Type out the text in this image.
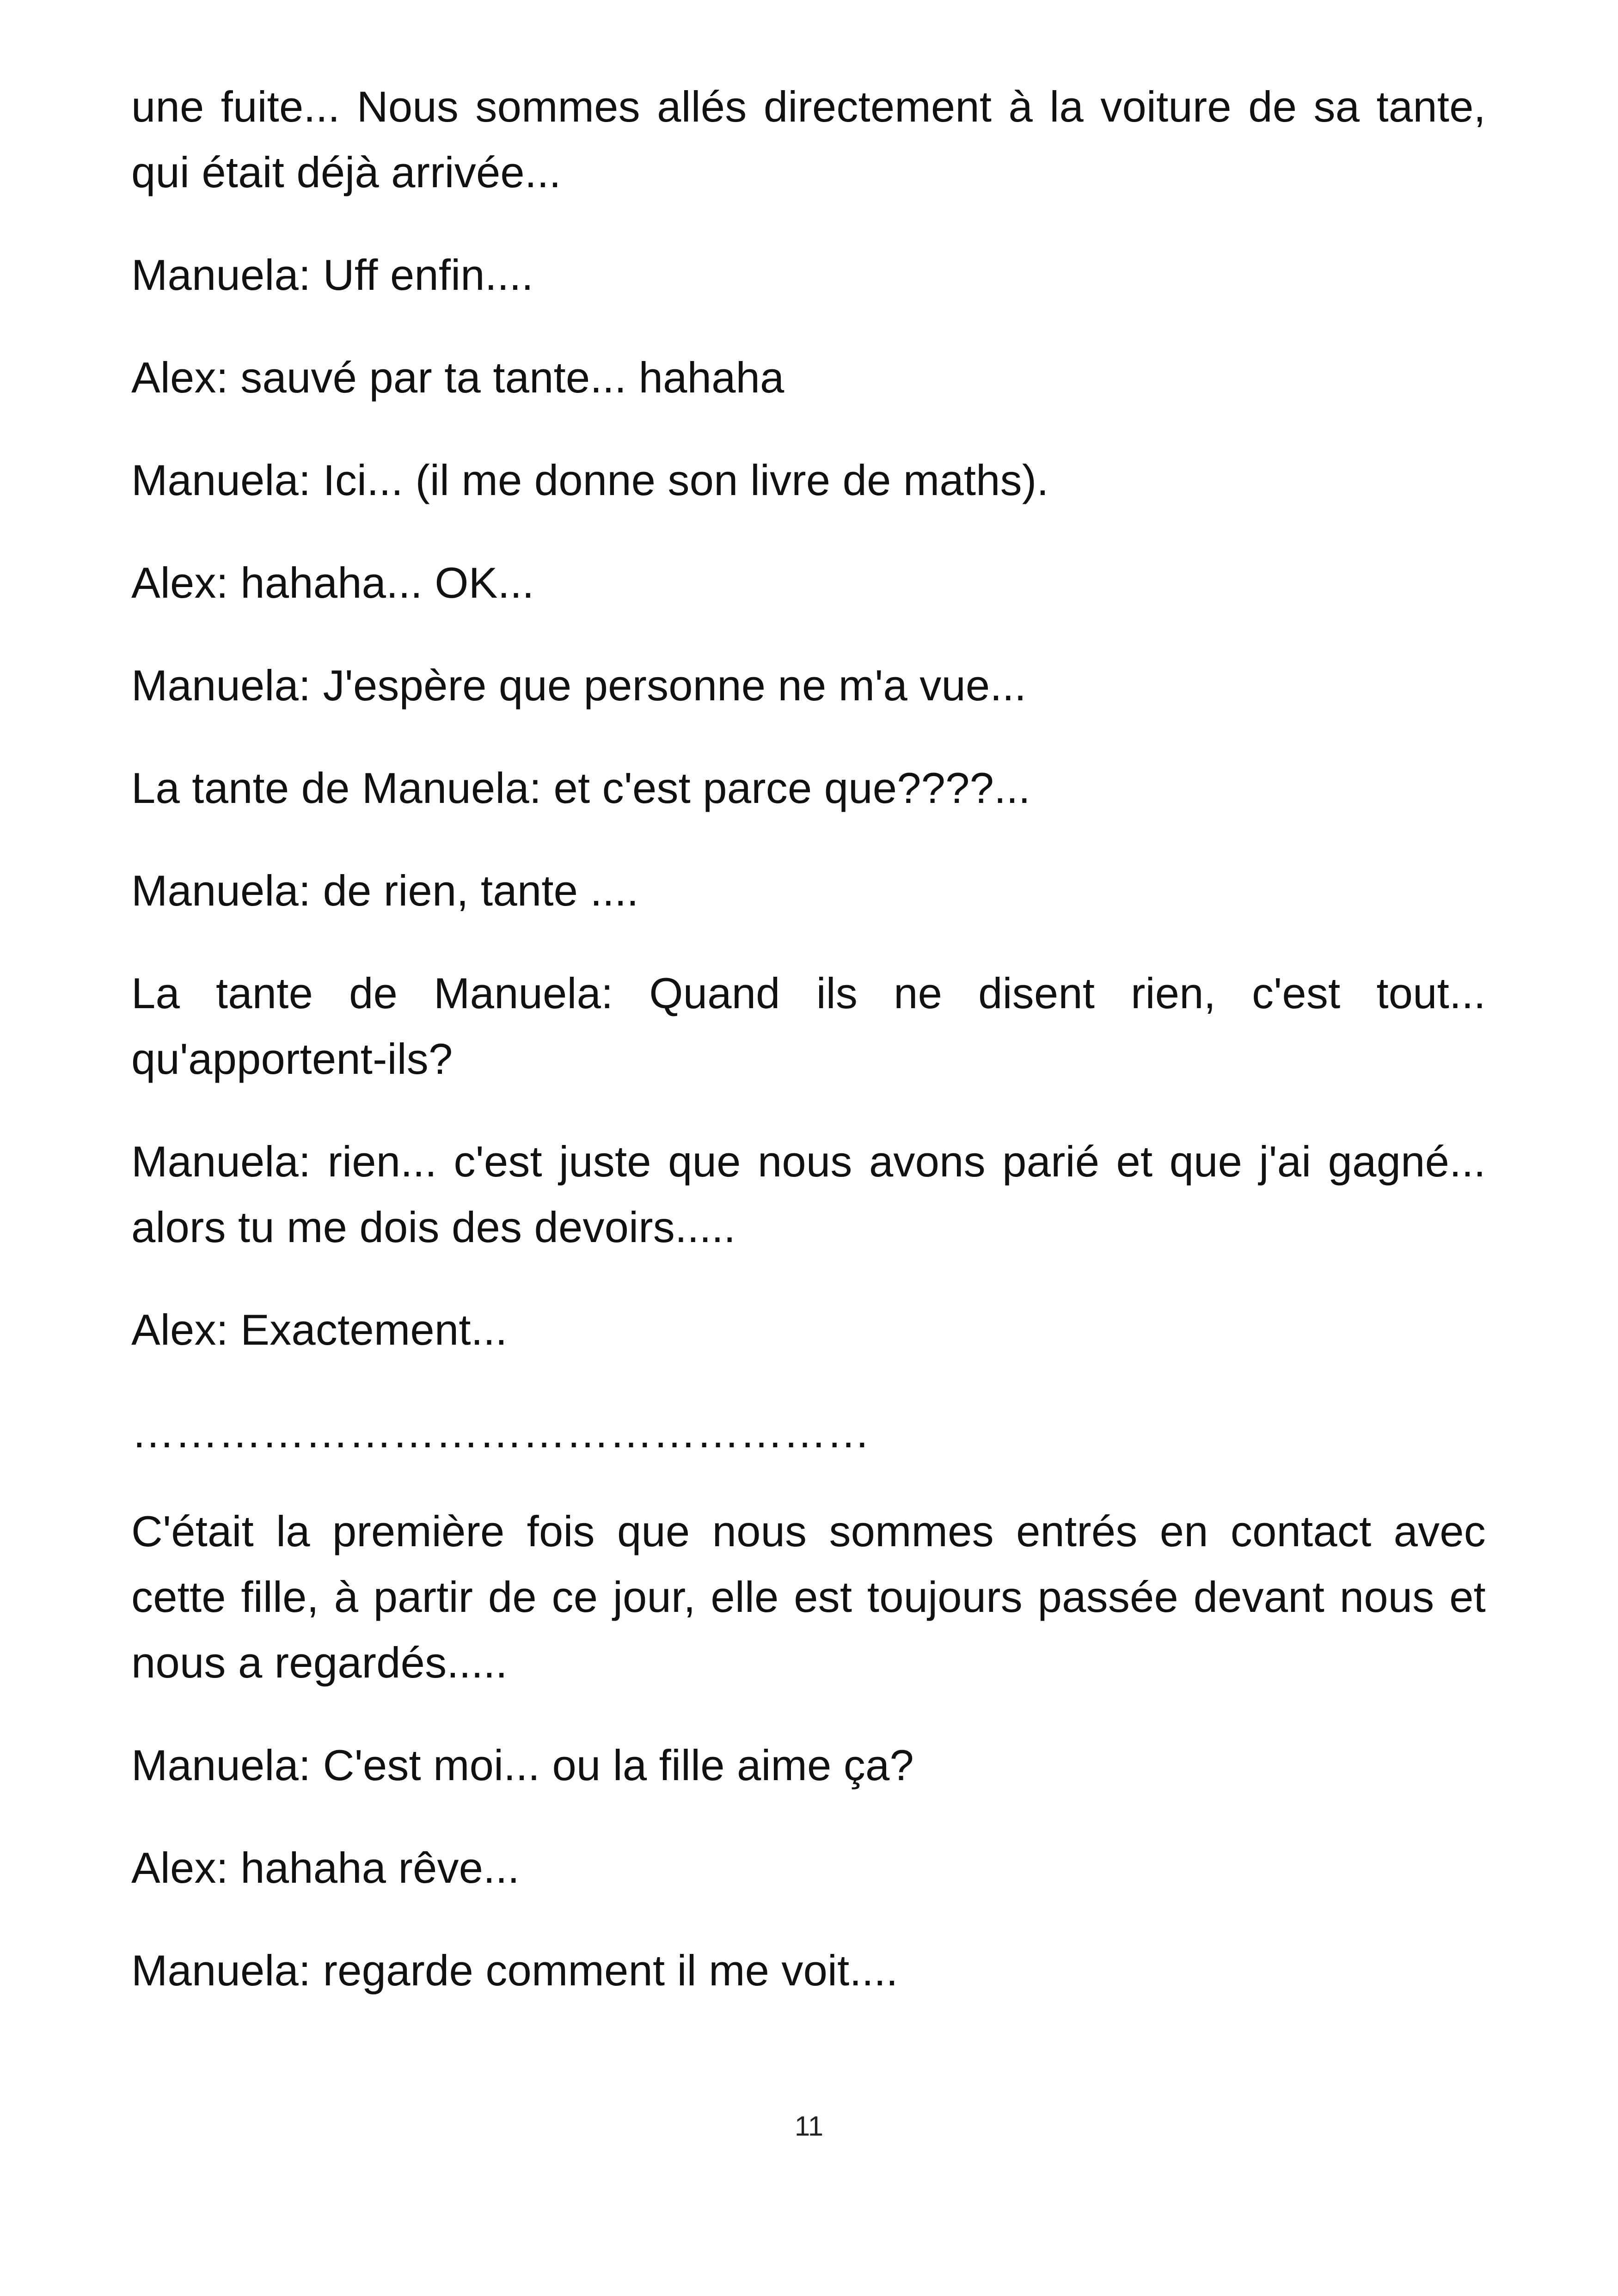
une fuite... Nous sommes allés directement à la voiture de sa tante, qui était déjà arrivée...

Manuela: Uff enfin....

Alex: sauvé par ta tante... hahaha

Manuela: Ici... (il me donne son livre de maths).

Alex: hahaha... OK...

Manuela: J'espère que personne ne m'a vue...

La tante de Manuela: et c'est parce que????...

Manuela: de rien, tante ....

La tante de Manuela: Quand ils ne disent rien, c'est tout... qu'apportent-ils?

Manuela: rien... c'est juste que nous avons parié et que j'ai gagné... alors tu me dois des devoirs.....

Alex: Exactement...

……………………………………………

C'était la première fois que nous sommes entrés en contact avec cette fille, à partir de ce jour, elle est toujours passée devant nous et nous a regardés.....

Manuela: C'est moi... ou la fille aime ça?

Alex: hahaha rêve...

Manuela: regarde comment il me voit....

11
